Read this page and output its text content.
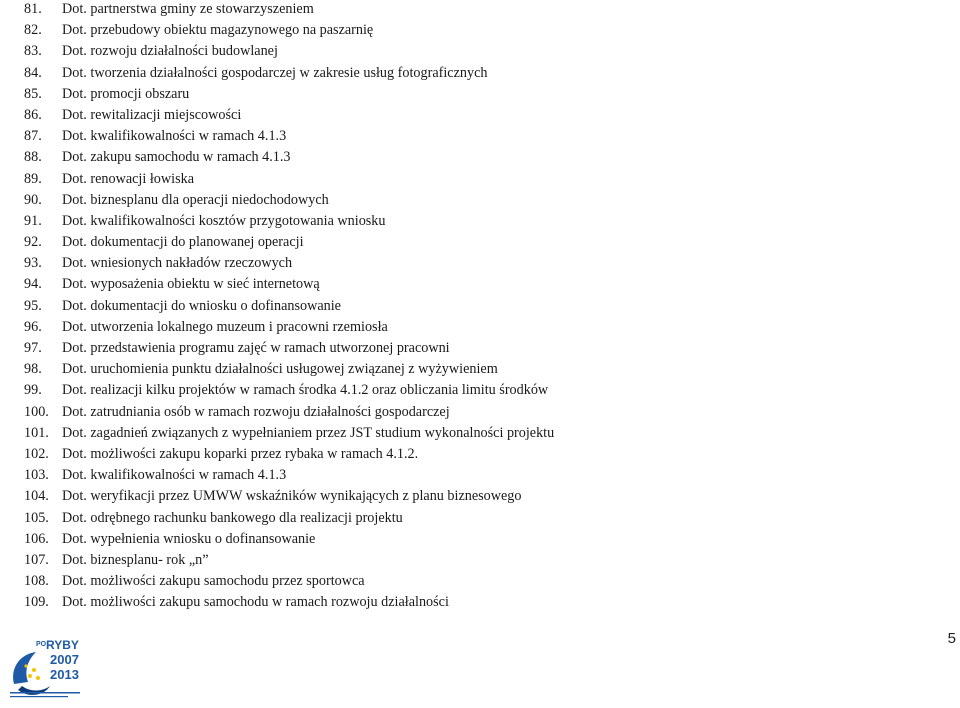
81.	Dot. partnerstwa gminy ze stowarzyszeniem
82.	Dot. przebudowy obiektu magazynowego na paszarnię
83.	Dot. rozwoju działalności budowlanej
84.	Dot. tworzenia działalności gospodarczej w zakresie usług fotograficznych
85.	Dot. promocji obszaru
86.	Dot. rewitalizacji miejscowości
87.	Dot. kwalifikowalności w ramach 4.1.3
88.	Dot. zakupu samochodu w ramach 4.1.3
89.	Dot. renowacji łowiska
90.	Dot. biznesplanu dla operacji niedochodowych
91.	Dot. kwalifikowalności kosztów przygotowania wniosku
92.	Dot. dokumentacji do planowanej operacji
93.	Dot. wniesionych nakładów rzeczowych
94.	Dot. wyposażenia obiektu w sieć internetową
95.	Dot. dokumentacji do wniosku o dofinansowanie
96.	Dot. utworzenia lokalnego muzeum i pracowni rzemiosła
97.	Dot. przedstawienia programu zajęć w ramach utworzonej pracowni
98.	Dot. uruchomienia punktu działalności usługowej związanej z wyżywieniem
99.	Dot. realizacji kilku projektów w ramach środka 4.1.2 oraz obliczania limitu środków
100. Dot. zatrudniania osób w ramach rozwoju działalności gospodarczej
101. Dot. zagadnień związanych z wypełnianiem przez JST studium wykonalności projektu
102. Dot. możliwości zakupu koparki przez rybaka w ramach 4.1.2.
103. Dot. kwalifikowalności w ramach 4.1.3
104. Dot. weryfikacji przez UMWW wskaźników wynikających z planu biznesowego
105. Dot. odrębnego rachunku bankowego dla realizacji projektu
106. Dot. wypełnienia wniosku o dofinansowanie
107. Dot. biznesplanu- rok „n”
108. Dot. możliwości zakupu samochodu przez sportowca
109. Dot. możliwości zakupu samochodu w ramach rozwoju działalności
5
PO RYBY
2007
2013
